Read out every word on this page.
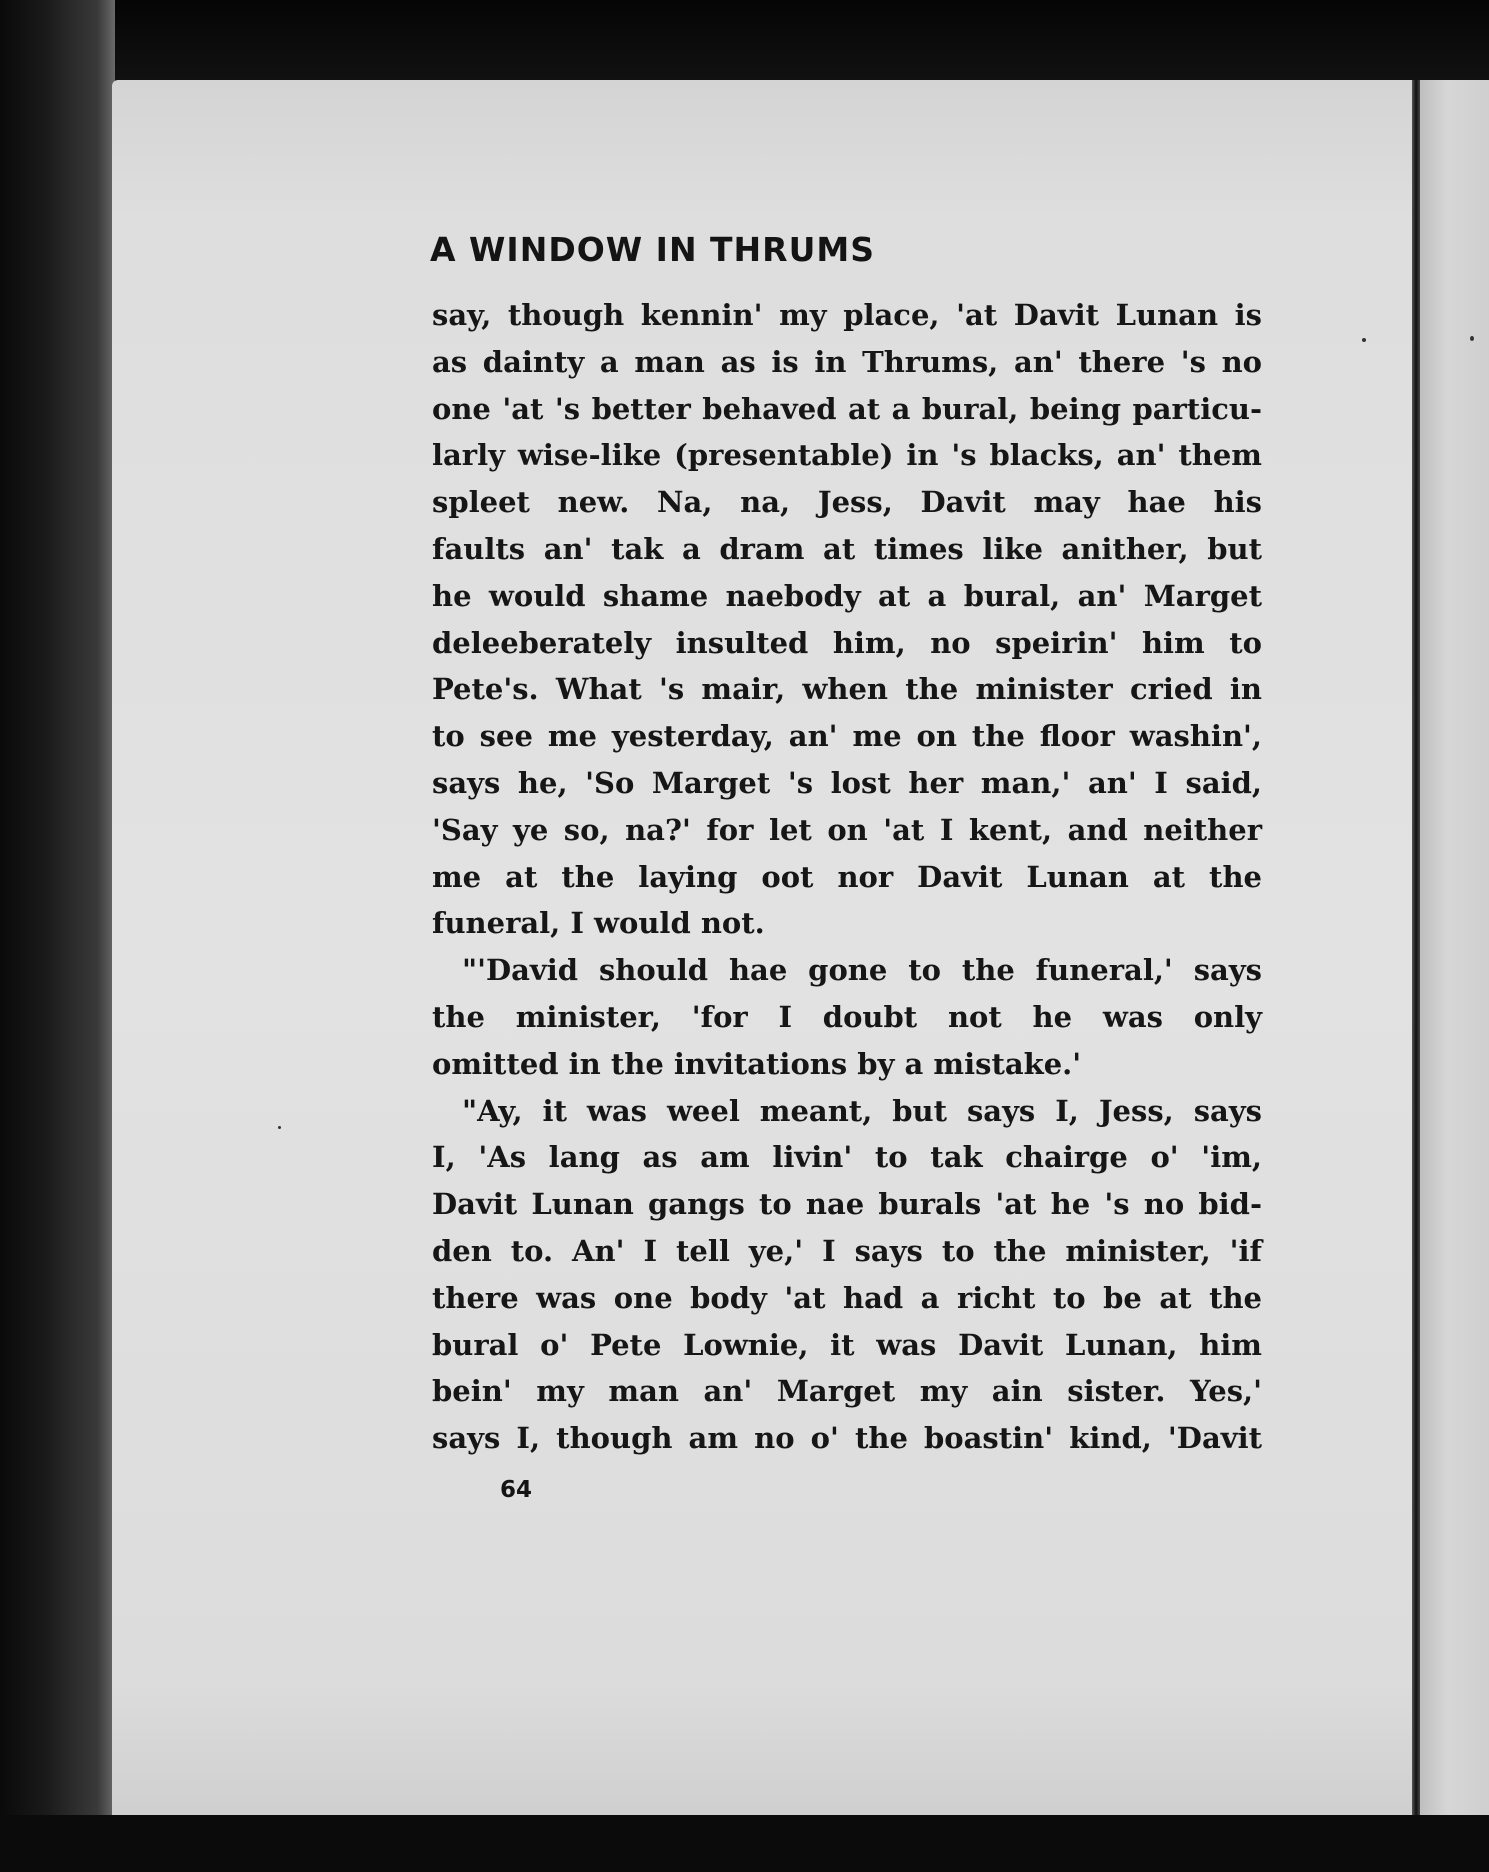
A WINDOW IN THRUMS
say, though kennin' my place, 'at Davit Lunan is
as dainty a man as is in Thrums, an' there 's no
one 'at 's better behaved at a bural, being particu-
larly wise-like (presentable) in 's blacks, an' them
spleet new. Na, na, Jess, Davit may hae his
faults an' tak a dram at times like anither, but
he would shame naebody at a bural, an' Marget
deleeberately insulted him, no speirin' him to
Pete's. What 's mair, when the minister cried in
to see me yesterday, an' me on the floor washin',
says he, 'So Marget 's lost her man,' an' I said,
'Say ye so, na?' for let on 'at I kent, and neither
me at the laying oot nor Davit Lunan at the
funeral, I would not.
"'David should hae gone to the funeral,' says
the minister, 'for I doubt not he was only
omitted in the invitations by a mistake.'
"Ay, it was weel meant, but says I, Jess, says
I, 'As lang as am livin' to tak chairge o' 'im,
Davit Lunan gangs to nae burals 'at he 's no bid-
den to. An' I tell ye,' I says to the minister, 'if
there was one body 'at had a richt to be at the
bural o' Pete Lownie, it was Davit Lunan, him
bein' my man an' Marget my ain sister. Yes,'
says I, though am no o' the boastin' kind, 'Davit
64
